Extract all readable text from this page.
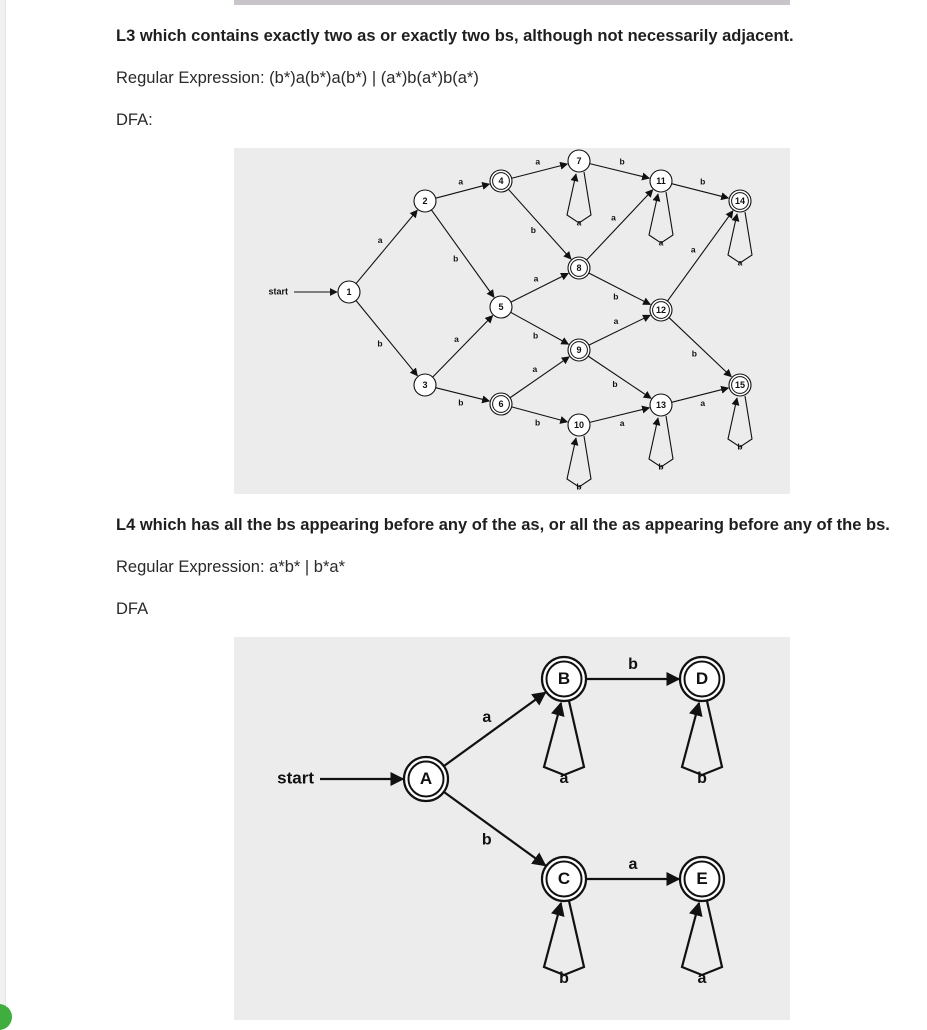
L3 which contains exactly two as or exactly two bs, although not necessarily adjacent.

Regular Expression: (b*)a(b*)a(b*) | (a*)b(a*)b(a*)

DFA:

start
a
b
a
b
a
b
a
b
a
b
a
b
a
b
a
b
a
b
b
a
a
b
a
b
b
a
a
b
1
2
3
4
5
6
7
8
9
10
11
12
13
14
15
L4 which has all the bs appearing before any of the as, or all the as appearing before any of the bs.

Regular Expression: a*b* | b*a*

DFA

start
a
b
a
b
b
a
b
a
A
B
C
D
E
